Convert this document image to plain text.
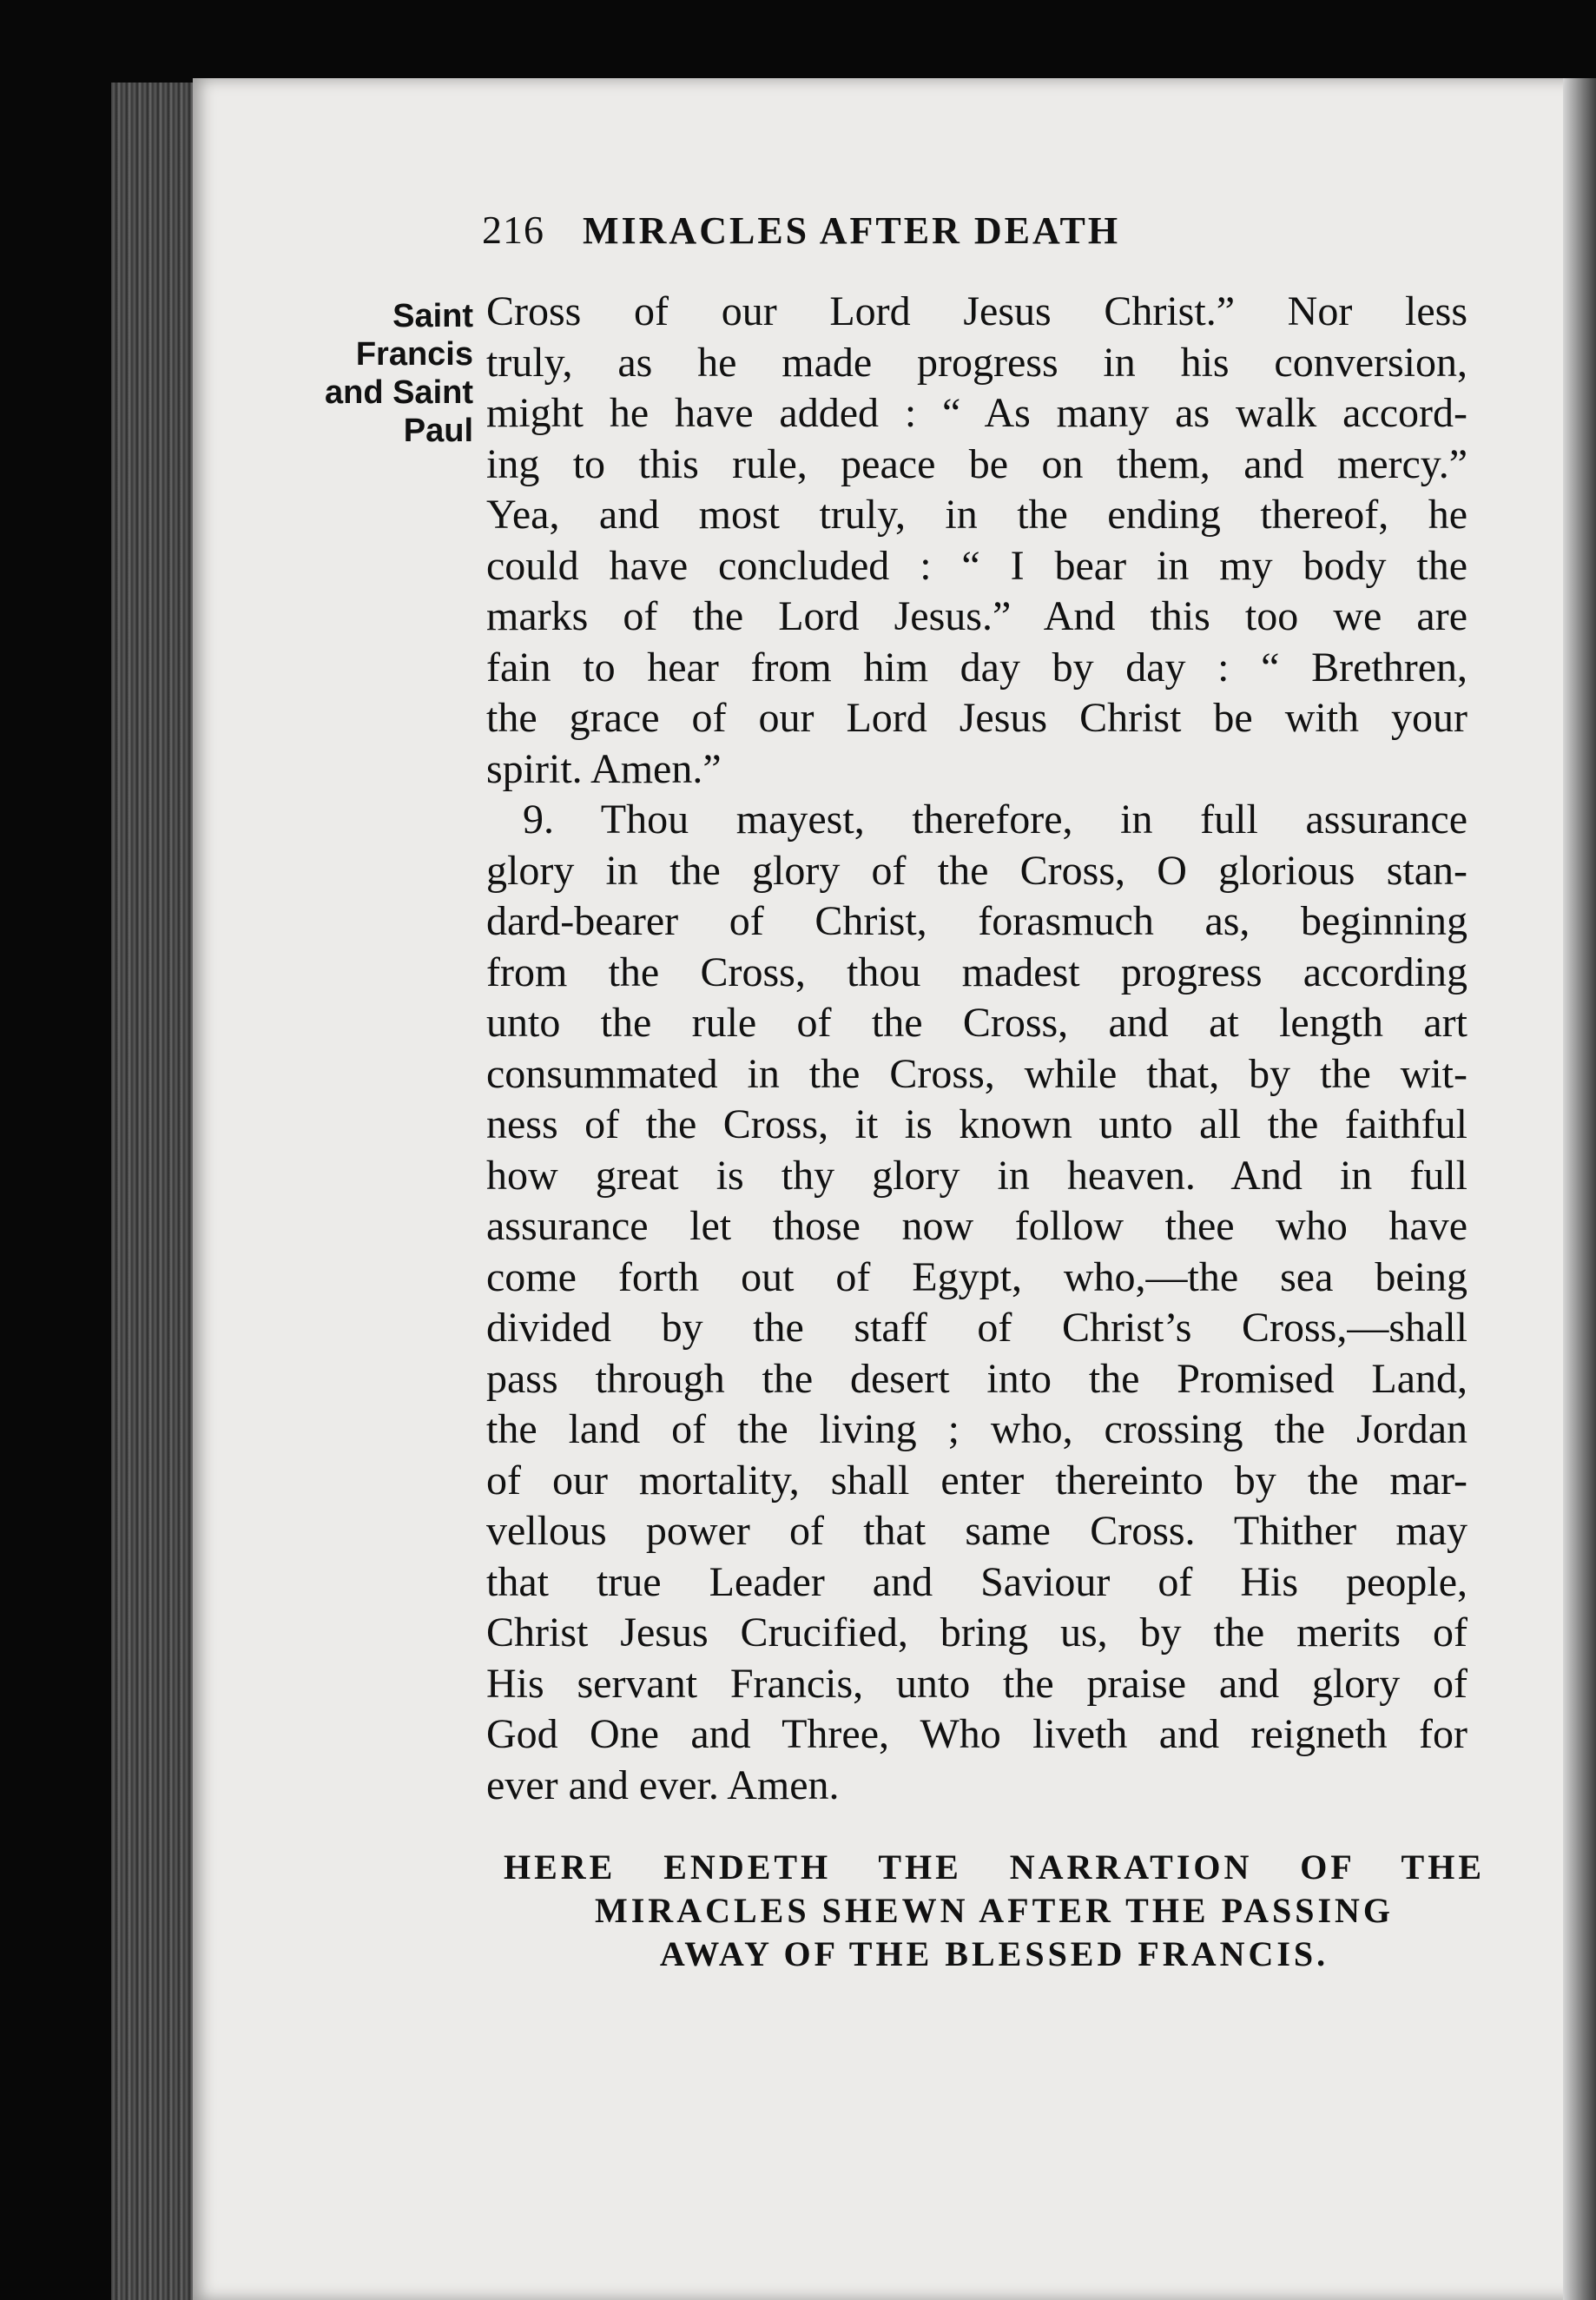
216 MIRACLES AFTER DEATH
Saint
Francis
and Saint
Paul
Cross of our Lord Jesus Christ.” Nor less
truly, as he made progress in his conversion,
might he have added : “ As many as walk accord-
ing to this rule, peace be on them, and mercy.”
Yea, and most truly, in the ending thereof, he
could have concluded : “ I bear in my body the
marks of the Lord Jesus.” And this too we are
fain to hear from him day by day : “ Brethren,
the grace of our Lord Jesus Christ be with your
spirit. Amen.”
9. Thou mayest, therefore, in full assurance
glory in the glory of the Cross, O glorious stan-
dard-bearer of Christ, forasmuch as, beginning
from the Cross, thou madest progress according
unto the rule of the Cross, and at length art
consummated in the Cross, while that, by the wit-
ness of the Cross, it is known unto all the faithful
how great is thy glory in heaven. And in full
assurance let those now follow thee who have
come forth out of Egypt, who,—the sea being
divided by the staff of Christ’s Cross,—shall
pass through the desert into the Promised Land,
the land of the living ; who, crossing the Jordan
of our mortality, shall enter thereinto by the mar-
vellous power of that same Cross. Thither may
that true Leader and Saviour of His people,
Christ Jesus Crucified, bring us, by the merits of
His servant Francis, unto the praise and glory of
God One and Three, Who liveth and reigneth for
ever and ever. Amen.
HERE ENDETH THE NARRATION OF THE
MIRACLES SHEWN AFTER THE PASSING
AWAY OF THE BLESSED FRANCIS.
